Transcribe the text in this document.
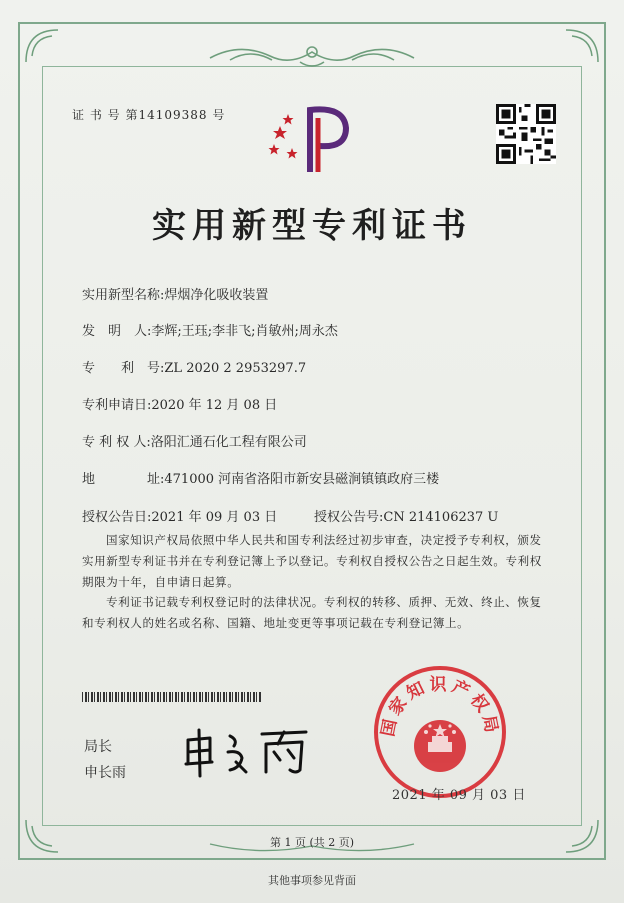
证 书 号 第14109388 号
实用新型专利证书
实用新型名称:焊烟净化吸收装置
发　明　人:李辉;王珏;李非飞;肖敏州;周永杰
专　　利　号:ZL 2020 2 2953297.7
专利申请日:2020 年 12 月 08 日
专 利 权 人:洛阳汇通石化工程有限公司
地　　　　址:471000 河南省洛阳市新安县磁涧镇镇政府三楼
授权公告日:2021 年 09 月 03 日	授权公告号:CN 214106237 U
国家知识产权局依照中华人民共和国专利法经过初步审查，决定授予专利权，颁发实用新型专利证书并在专利登记簿上予以登记。专利权自授权公告之日起生效。专利权期限为十年，自申请日起算。
专利证书记载专利权登记时的法律状况。专利权的转移、质押、无效、终止、恢复和专利权人的姓名或名称、国籍、地址变更等事项记载在专利登记簿上。
局长
申长雨
国家知识产权局
2021 年 09 月 03 日
第 1 页 (共 2 页)
其他事项参见背面
